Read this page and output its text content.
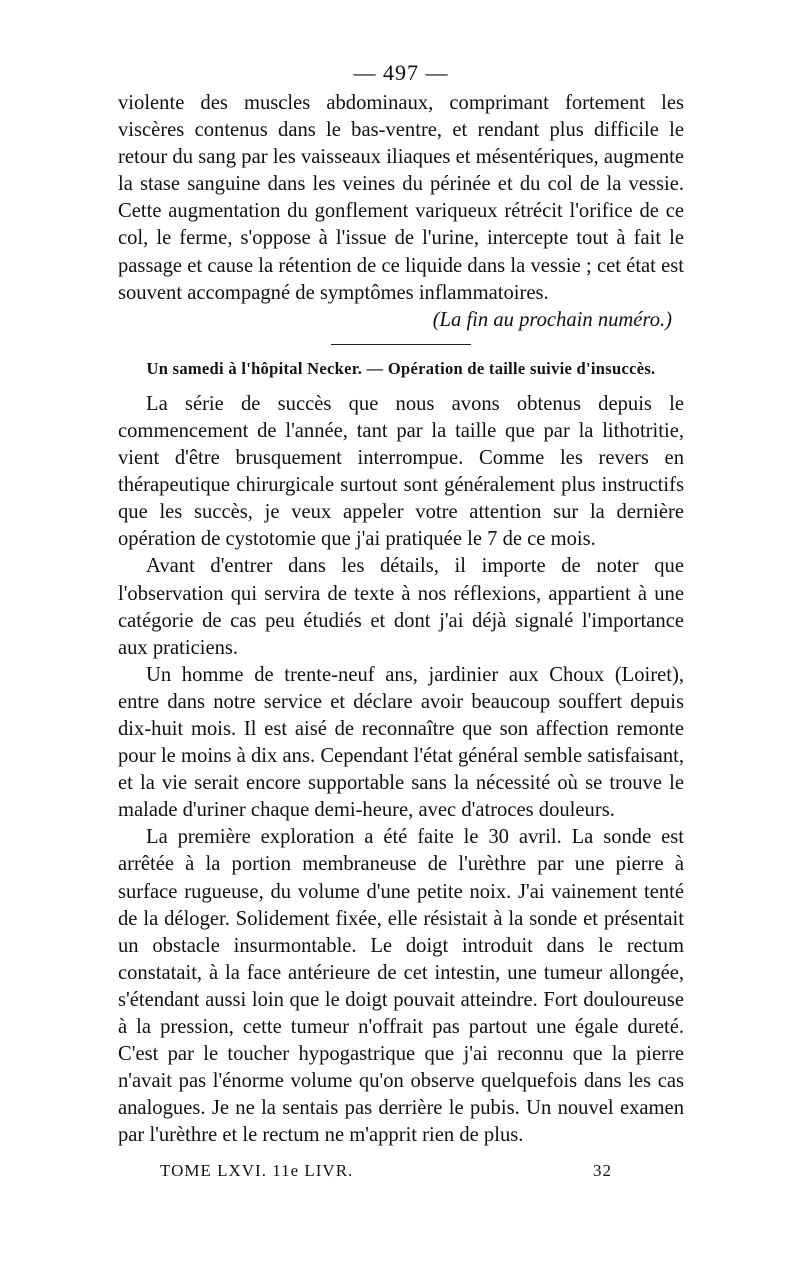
— 497 —

violente des muscles abdominaux, comprimant fortement les viscères contenus dans le bas-ventre, et rendant plus difficile le retour du sang par les vaisseaux iliaques et mésentériques, augmente la stase sanguine dans les veines du périnée et du col de la vessie. Cette augmentation du gonflement variqueux rétrécit l'orifice de ce col, le ferme, s'oppose à l'issue de l'urine, intercepte tout à fait le passage et cause la rétention de ce liquide dans la vessie ; cet état est souvent accompagné de symptômes inflammatoires.

(La fin au prochain numéro.)
Un samedi à l'hôpital Necker. — Opération de taille suivie d'insuccès.

La série de succès que nous avons obtenus depuis le commencement de l'année, tant par la taille que par la lithotritie, vient d'être brusquement interrompue. Comme les revers en thérapeutique chirurgicale surtout sont généralement plus instructifs que les succès, je veux appeler votre attention sur la dernière opération de cystotomie que j'ai pratiquée le 7 de ce mois.

Avant d'entrer dans les détails, il importe de noter que l'observation qui servira de texte à nos réflexions, appartient à une catégorie de cas peu étudiés et dont j'ai déjà signalé l'importance aux praticiens.

Un homme de trente-neuf ans, jardinier aux Choux (Loiret), entre dans notre service et déclare avoir beaucoup souffert depuis dix-huit mois. Il est aisé de reconnaître que son affection remonte pour le moins à dix ans. Cependant l'état général semble satisfaisant, et la vie serait encore supportable sans la nécessité où se trouve le malade d'uriner chaque demi-heure, avec d'atroces douleurs.

La première exploration a été faite le 30 avril. La sonde est arrêtée à la portion membraneuse de l'urèthre par une pierre à surface rugueuse, du volume d'une petite noix. J'ai vainement tenté de la déloger. Solidement fixée, elle résistait à la sonde et présentait un obstacle insurmontable. Le doigt introduit dans le rectum constatait, à la face antérieure de cet intestin, une tumeur allongée, s'étendant aussi loin que le doigt pouvait atteindre. Fort douloureuse à la pression, cette tumeur n'offrait pas partout une égale dureté. C'est par le toucher hypogastrique que j'ai reconnu que la pierre n'avait pas l'énorme volume qu'on observe quelquefois dans les cas analogues. Je ne la sentais pas derrière le pubis. Un nouvel examen par l'urèthre et le rectum ne m'apprit rien de plus.

TOME LXVI. 11e LIVR.	32
